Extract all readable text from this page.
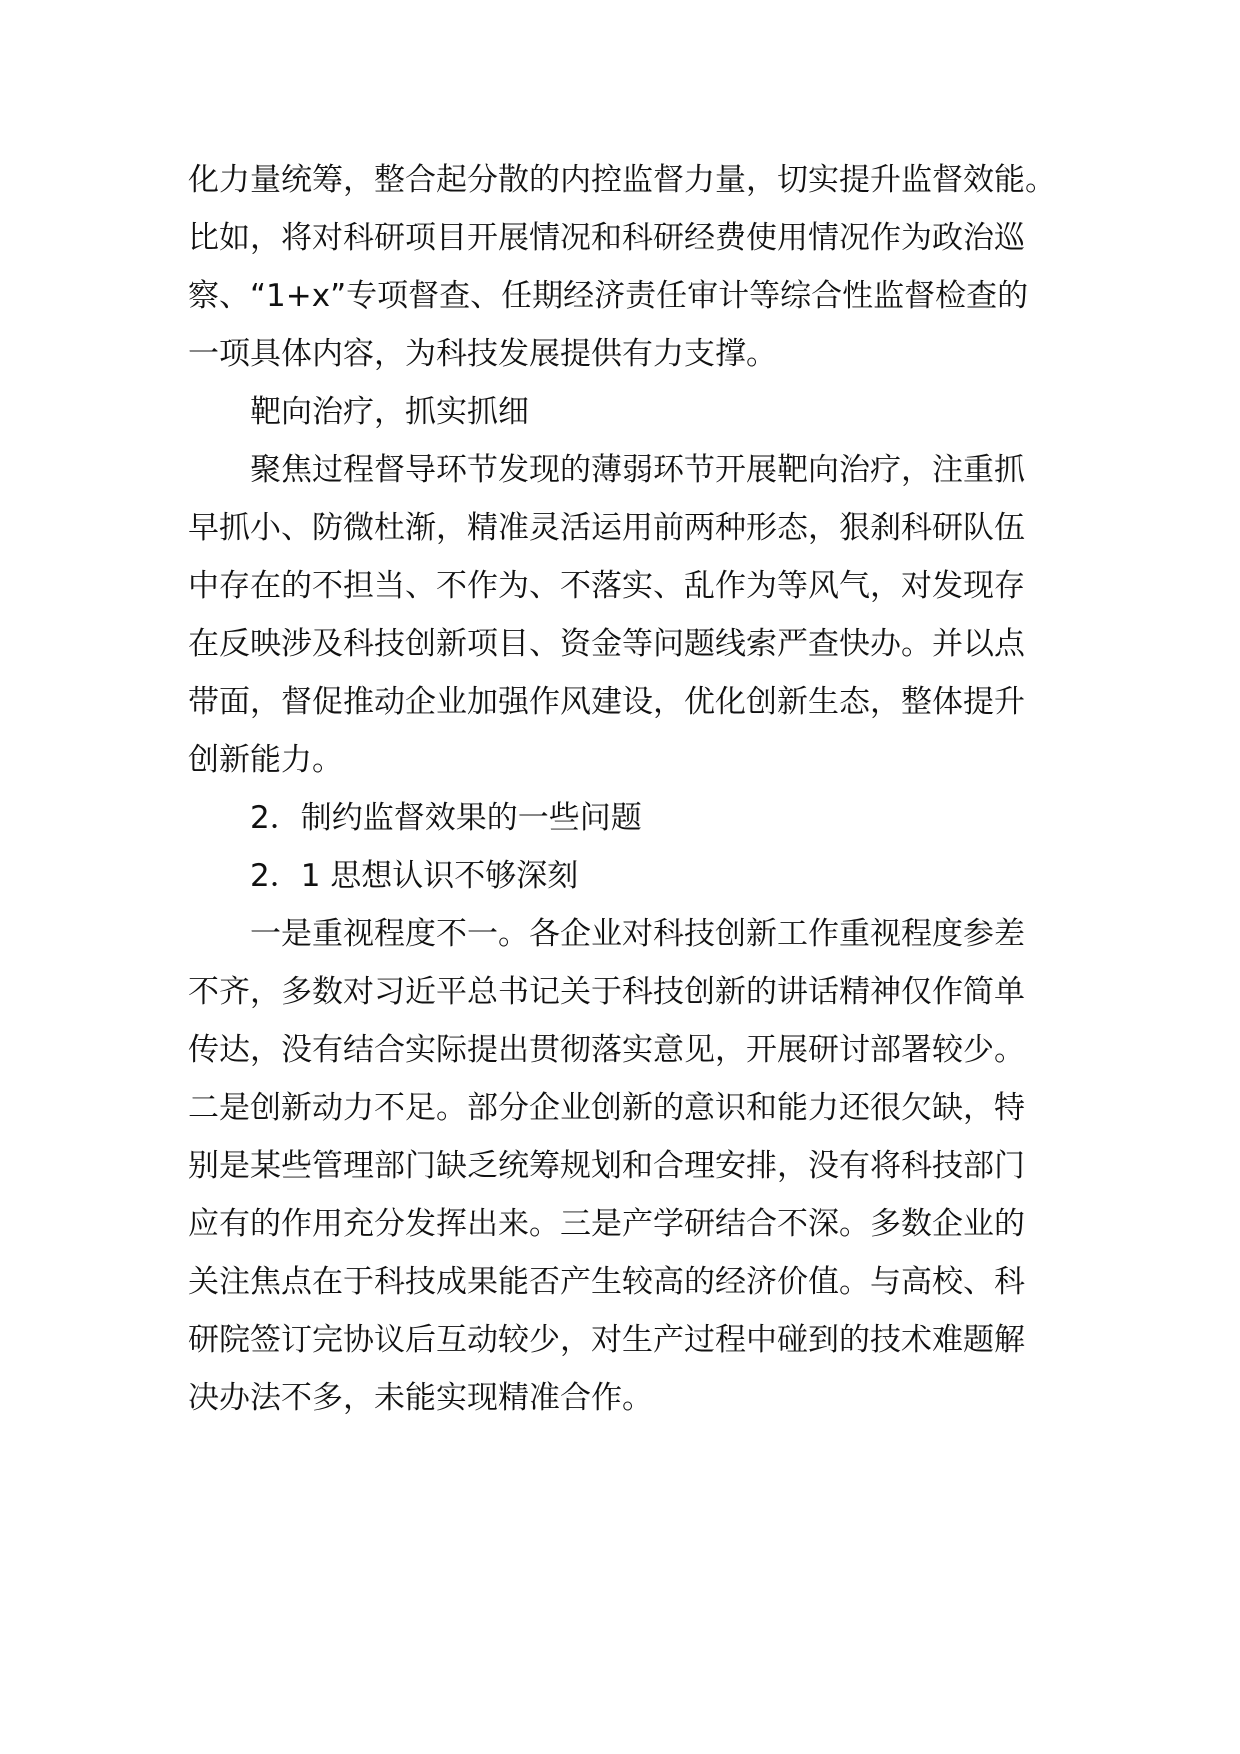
化力量统筹，整合起分散的内控监督力量，切实提升监督效能。

比如，将对科研项目开展情况和科研经费使用情况作为政治巡

察、“1+x”专项督查、任期经济责任审计等综合性监督检查的

一项具体内容，为科技发展提供有力支撑。

靶向治疗，抓实抓细

聚焦过程督导环节发现的薄弱环节开展靶向治疗，注重抓

早抓小、防微杜渐，精准灵活运用前两种形态，狠刹科研队伍

中存在的不担当、不作为、不落实、乱作为等风气，对发现存

在反映涉及科技创新项目、资金等问题线索严查快办。并以点

带面，督促推动企业加强作风建设，优化创新生态，整体提升

创新能力。

2．制约监督效果的一些问题

2．1 思想认识不够深刻

一是重视程度不一。各企业对科技创新工作重视程度参差

不齐，多数对习近平总书记关于科技创新的讲话精神仅作简单

传达，没有结合实际提出贯彻落实意见，开展研讨部署较少。

二是创新动力不足。部分企业创新的意识和能力还很欠缺，特

别是某些管理部门缺乏统筹规划和合理安排，没有将科技部门

应有的作用充分发挥出来。三是产学研结合不深。多数企业的

关注焦点在于科技成果能否产生较高的经济价值。与高校、科

研院签订完协议后互动较少，对生产过程中碰到的技术难题解

决办法不多，未能实现精准合作。
